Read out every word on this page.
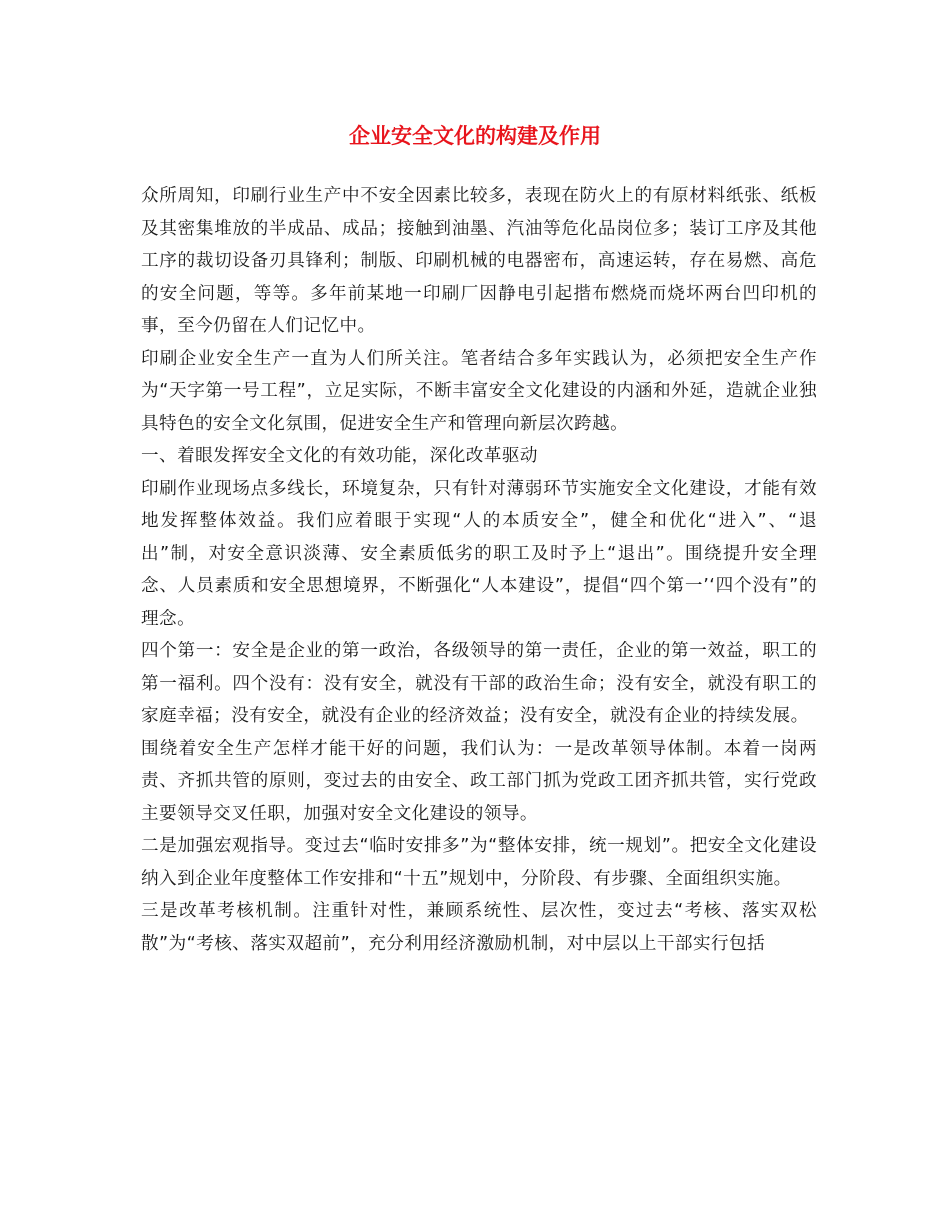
企业安全文化的构建及作用

众所周知，印刷行业生产中不安全因素比较多，表现在防火上的有原材料纸张、纸板及其密集堆放的半成品、成品；接触到油墨、汽油等危化品岗位多；装订工序及其他工序的裁切设备刃具锋利；制版、印刷机械的电器密布，高速运转，存在易燃、高危的安全问题，等等。多年前某地一印刷厂因静电引起揩布燃烧而烧坏两台凹印机的事，至今仍留在人们记忆中。

印刷企业安全生产一直为人们所关注。笔者结合多年实践认为，必须把安全生产作为“天字第一号工程”，立足实际，不断丰富安全文化建设的内涵和外延，造就企业独具特色的安全文化氛围，促进安全生产和管理向新层次跨越。

一、着眼发挥安全文化的有效功能，深化改革驱动

印刷作业现场点多线长，环境复杂，只有针对薄弱环节实施安全文化建设，才能有效地发挥整体效益。我们应着眼于实现“人的本质安全”，健全和优化“进入”、“退出”制，对安全意识淡薄、安全素质低劣的职工及时予上“退出”。围绕提升安全理念、人员素质和安全思想境界，不断强化“人本建设”，提倡“四个第一’‘四个没有”的理念。

四个第一：安全是企业的第一政治，各级领导的第一责任，企业的第一效益，职工的第一福利。四个没有：没有安全，就没有干部的政治生命；没有安全，就没有职工的家庭幸福；没有安全，就没有企业的经济效益；没有安全，就没有企业的持续发展。

围绕着安全生产怎样才能干好的问题，我们认为：一是改革领导体制。本着一岗两责、齐抓共管的原则，变过去的由安全、政工部门抓为党政工团齐抓共管，实行党政主要领导交叉任职，加强对安全文化建设的领导。

二是加强宏观指导。变过去“临时安排多”为“整体安排，统一规划”。把安全文化建设纳入到企业年度整体工作安排和“十五”规划中，分阶段、有步骤、全面组织实施。

三是改革考核机制。注重针对性，兼顾系统性、层次性，变过去“考核、落实双松散”为“考核、落实双超前”，充分利用经济激励机制，对中层以上干部实行包括
